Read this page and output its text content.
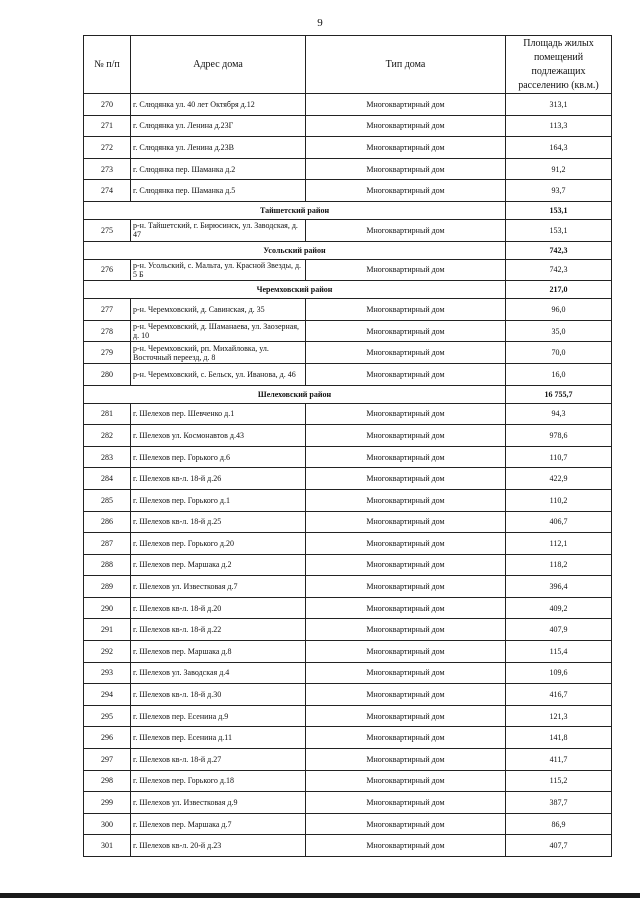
9
№ п/п	Адрес дома	Тип дома	Площадь жилых помещений подлежащих расселению (кв.м.)
270	г. Слюдянка ул. 40 лет Октября д.12	Многоквартирный дом	313,1
271	г. Слюдянка ул. Ленина д.23Г	Многоквартирный дом	113,3
272	г. Слюдянка ул. Ленина д.23В	Многоквартирный дом	164,3
273	г. Слюдянка пер. Шаманка д.2	Многоквартирный дом	91,2
274	г. Слюдянка пер. Шаманка д.5	Многоквартирный дом	93,7
Тайшетский район			153,1
275	р-н. Тайшетский, г. Бирюсинск, ул. Заводская, д. 47	Многоквартирный дом	153,1
Усольский район			742,3
276	р-н. Усольский, с. Мальта, ул. Красной Звезды, д. 5 Б	Многоквартирный дом	742,3
Черемховский район			217,0
277	р-н. Черемховский, д. Савинская, д. 35	Многоквартирный дом	96,0
278	р-н. Черемховский, д. Шаманаева, ул. Заозерная, д. 10	Многоквартирный дом	35,0
279	р-н. Черемховский, рп. Михайловка, ул. Восточный переезд, д. 8	Многоквартирный дом	70,0
280	р-н. Черемховский, с. Бельск, ул. Иванова, д. 46	Многоквартирный дом	16,0
Шелеховский район			16 755,7
281	г. Шелехов пер. Шевченко д.1	Многоквартирный дом	94,3
282	г. Шелехов ул. Космонавтов д.43	Многоквартирный дом	978,6
283	г. Шелехов пер. Горького д.6	Многоквартирный дом	110,7
284	г. Шелехов кв-л. 18-й д.26	Многоквартирный дом	422,9
285	г. Шелехов пер. Горького д.1	Многоквартирный дом	110,2
286	г. Шелехов кв-л. 18-й д.25	Многоквартирный дом	406,7
287	г. Шелехов пер. Горького д.20	Многоквартирный дом	112,1
288	г. Шелехов пер. Маршака д.2	Многоквартирный дом	118,2
289	г. Шелехов ул. Известковая д.7	Многоквартирный дом	396,4
290	г. Шелехов кв-л. 18-й д.20	Многоквартирный дом	409,2
291	г. Шелехов кв-л. 18-й д.22	Многоквартирный дом	407,9
292	г. Шелехов пер. Маршака д.8	Многоквартирный дом	115,4
293	г. Шелехов ул. Заводская д.4	Многоквартирный дом	109,6
294	г. Шелехов кв-л. 18-й д.30	Многоквартирный дом	416,7
295	г. Шелехов пер. Есенина д.9	Многоквартирный дом	121,3
296	г. Шелехов пер. Есенина д.11	Многоквартирный дом	141,8
297	г. Шелехов кв-л. 18-й д.27	Многоквартирный дом	411,7
298	г. Шелехов пер. Горького д.18	Многоквартирный дом	115,2
299	г. Шелехов ул. Известковая д.9	Многоквартирный дом	387,7
300	г. Шелехов пер. Маршака д.7	Многоквартирный дом	86,9
301	г. Шелехов кв-л. 20-й д.23	Многоквартирный дом	407,7
